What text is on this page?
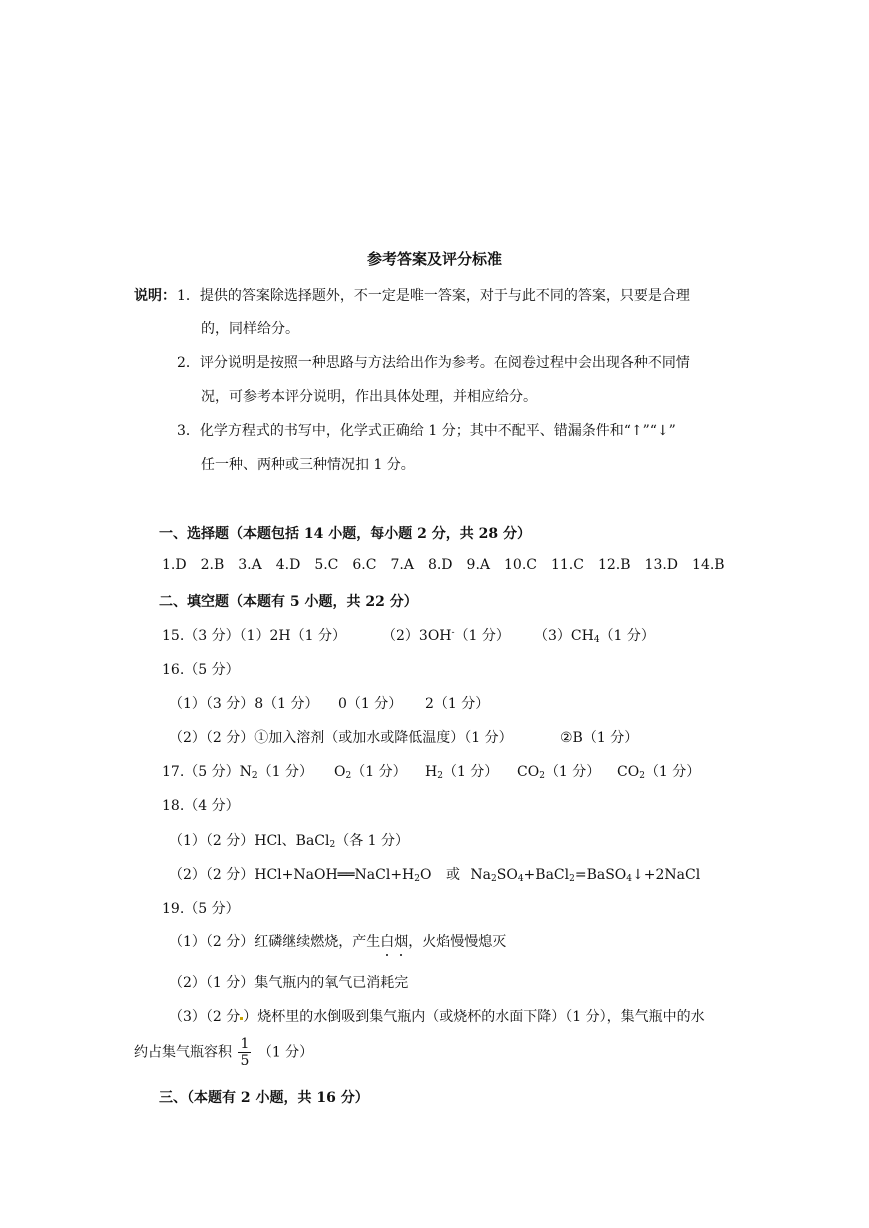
参考答案及评分标准
说明： 1．提供的答案除选择题外，不一定是唯一答案，对于与此不同的答案，只要是合理
的，同样给分。
2．评分说明是按照一种思路与方法给出作为参考。在阅卷过程中会出现各种不同情
况，可参考本评分说明，作出具体处理，并相应给分。
3．化学方程式的书写中，化学式正确给 1 分；其中不配平、错漏条件和“↑”“↓”
任一种、两种或三种情况扣 1 分。
一、选择题（本题包括 14 小题，每小题 2 分，共 28 分）
1.D 2.B 3.A 4.D 5.C 6.C 7.A 8.D 9.A 10.C 11.C 12.B 13.D 14.B
二、填空题（本题有 5 小题，共 22 分）
15.（3 分）（1）2H（1 分）	（2）3OH-（1 分） $(3)CH_4(1$ 分）
16.（5 分）
（1）（3 分）8（1 分） 0（1 分） 2（1 分）
（2）（2 分）①加入溶剂（或加水或降低温度）（1 分）	②B（1 分）
17.（5 分）$N_2(1$ 分） $O_2(1$ 分） $H_2(1$ 分） $CO_2(1$ 分） $CO_2(1$ 分）
18.（4 分）
（1）（2 分）HCl、BaCl$_2$（各 1 分）
（2）（2 分）$HCl+NaOH══NaCl+H_2O$ 或 $Na_2SO_4+BaCl_2=BaSO_4↓+2NaCl$
19.（5 分）
（1）（2 分）红磷继续燃烧，产生白烟，火焰慢慢熄灭
（2）（1 分）集气瓶内的氧气已消耗完
（3）（2 分 ）烧杯里的水倒吸到集气瓶内（或烧杯的水面下降）（1 分），集气瓶中的水
约占集气瓶容积 $\frac{1}{5} (1$ 分）
三、（本题有 2 小题，共 16 分）
